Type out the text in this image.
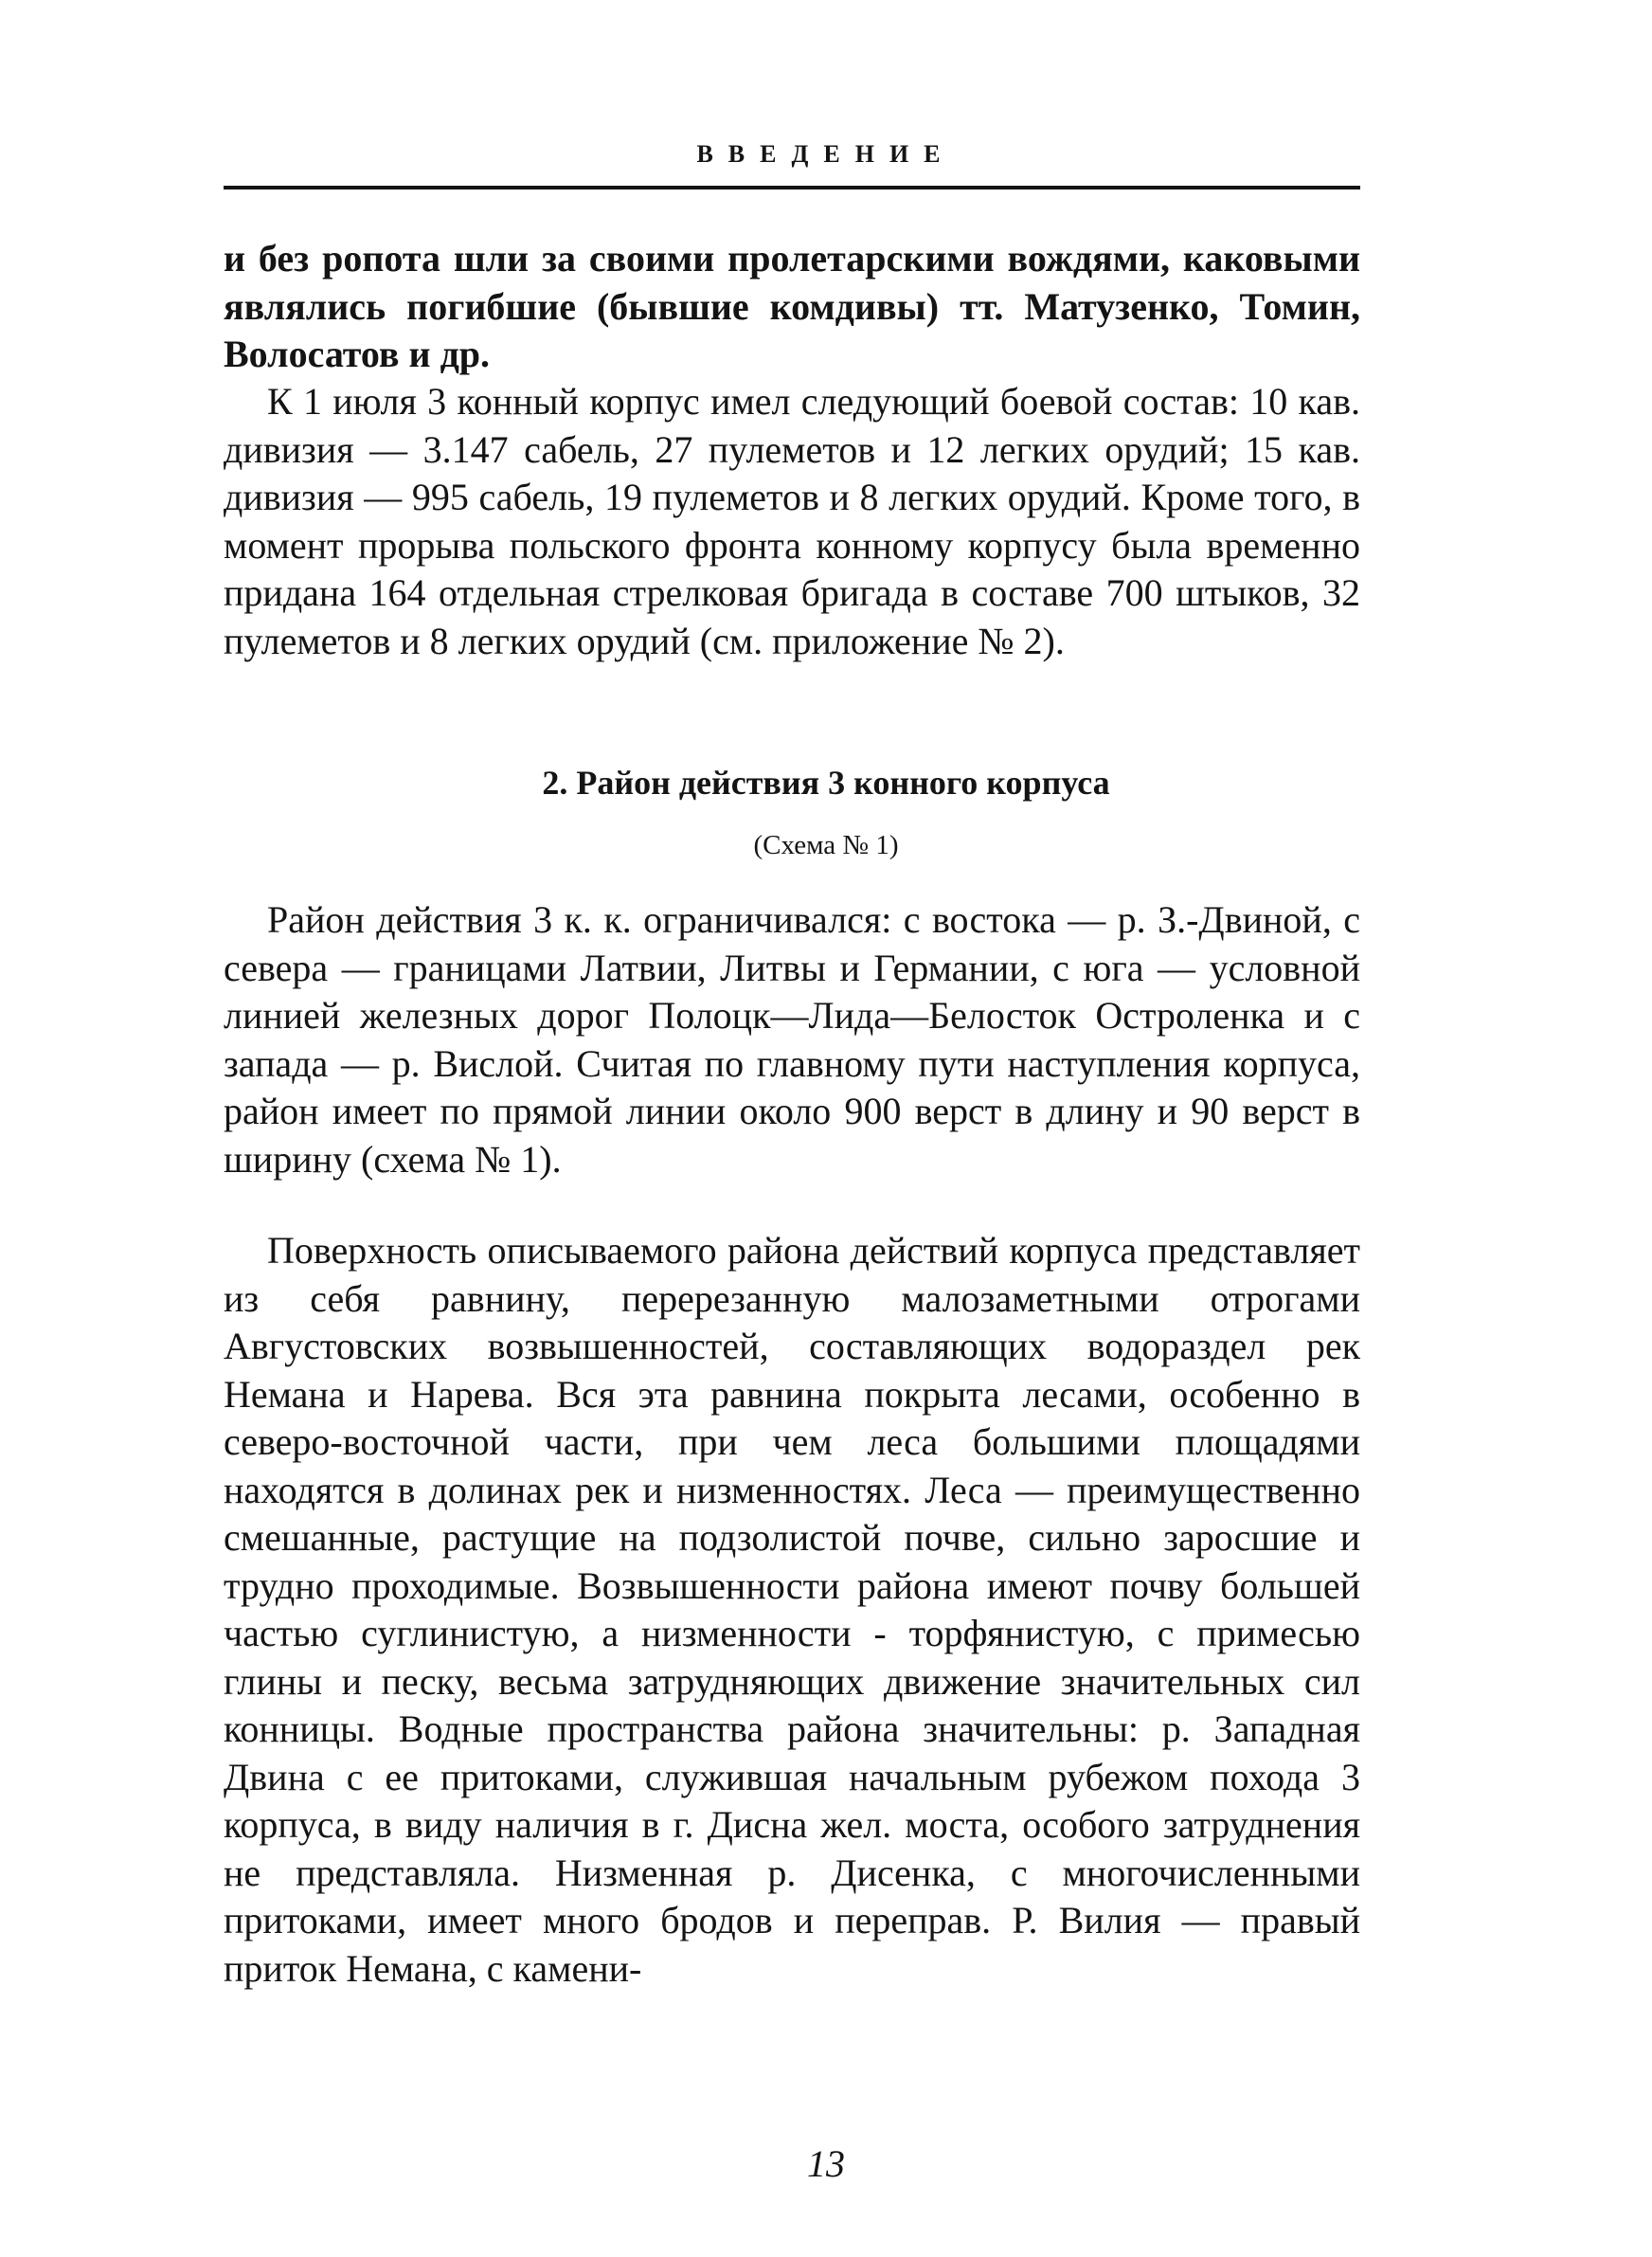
ВВЕДЕНИЕ

и без ропота шли за своими пролетарскими вождями, каковыми являлись погибшие (бывшие комдивы) тт. Матузенко, Томин, Волосатов и др.

К 1 июля 3 конный корпус имел следующий боевой состав: 10 кав. дивизия — 3.147 сабель, 27 пулеметов и 12 легких орудий; 15 кав. дивизия — 995 сабель, 19 пулеметов и 8 легких орудий. Кроме того, в момент прорыва польского фронта конному корпусу была временно придана 164 отдельная стрелковая бригада в составе 700 штыков, 32 пулеметов и 8 легких орудий (см. приложение № 2).

2. Район действия 3 конного корпуса
(Схема № 1)

Район действия 3 к. к. ограничивался: с востока — р. З.-Двиной, с севера — границами Латвии, Литвы и Германии, с юга — условной линией железных дорог Полоцк—Лида—Белосток Остроленка и с запада — р. Вислой. Считая по главному пути наступления корпуса, район имеет по прямой линии около 900 верст в длину и 90 верст в ширину (схема № 1).

Поверхность описываемого района действий корпуса представляет из себя равнину, перерезанную малозаметными отрогами Августовских возвышенностей, составляющих водораздел рек Немана и Нарева. Вся эта равнина покрыта лесами, особенно в северо-восточной части, при чем леса большими площадями находятся в долинах рек и низменностях. Леса — преимущественно смешанные, растущие на подзолистой почве, сильно заросшие и трудно проходимые. Возвышенности района имеют почву большей частью суглинистую, а низменности - торфянистую, с примесью глины и песку, весьма затрудняющих движение значительных сил конницы. Водные пространства района значительны: р. Западная Двина с ее притоками, служившая начальным рубежом похода 3 корпуса, в виду наличия в г. Дисна жел. моста, особого затруднения не представляла. Низменная р. Дисенка, с многочисленными притоками, имеет много бродов и переправ. Р. Вилия — правый приток Немана, с камени-

13
